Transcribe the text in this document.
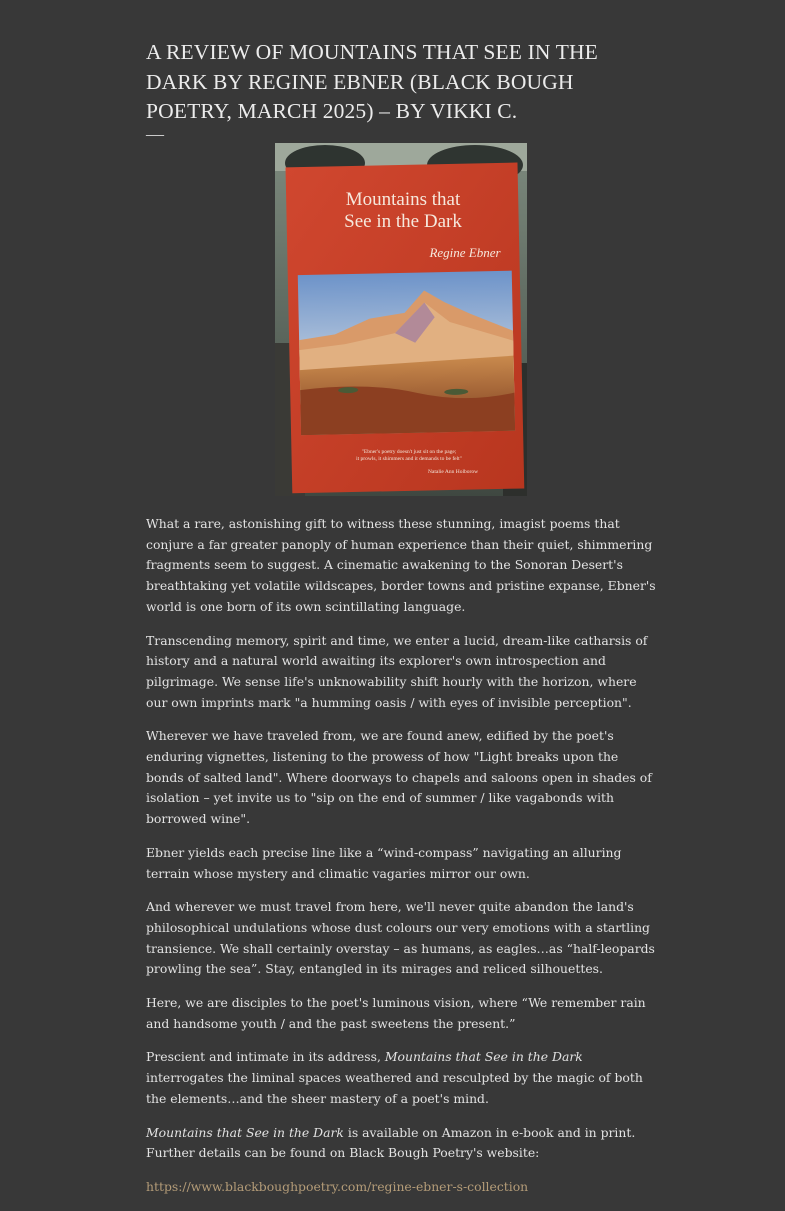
A REVIEW OF MOUNTAINS THAT SEE IN THE DARK BY REGINE EBNER (BLACK BOUGH POETRY, MARCH 2025) – BY VIKKI C.
—
Mountains that
See in the Dark
Regine Ebner
"Ebner's poetry doesn't just sit on the page;
it prowls, it shimmers and it demands to be felt"
Natalie Ann Holborow

What a rare, astonishing gift to witness these stunning, imagist poems that conjure a far greater panoply of human experience than their quiet, shimmering fragments seem to suggest. A cinematic awakening to the Sonoran Desert's breathtaking yet volatile wildscapes, border towns and pristine expanse, Ebner's world is one born of its own scintillating language.

Transcending memory, spirit and time, we enter a lucid, dream-like catharsis of history and a natural world awaiting its explorer's own introspection and pilgrimage. We sense life's unknowability shift hourly with the horizon, where our own imprints mark "a humming oasis / with eyes of invisible perception".

Wherever we have traveled from, we are found anew, edified by the poet's enduring vignettes, listening to the prowess of how "Light breaks upon the bonds of salted land". Where doorways to chapels and saloons open in shades of isolation – yet invite us to "sip on the end of summer / like vagabonds with borrowed wine".

Ebner yields each precise line like a “wind-compass” navigating an alluring terrain whose mystery and climatic vagaries mirror our own.

And wherever we must travel from here, we'll never quite abandon the land's philosophical undulations whose dust colours our very emotions with a startling transience. We shall certainly overstay – as humans, as eagles…as “half-leopards prowling the sea”. Stay, entangled in its mirages and reliced silhouettes.

Here, we are disciples to the poet's luminous vision, where “We remember rain and handsome youth / and the past sweetens the present.”

Prescient and intimate in its address, Mountains that See in the Dark interrogates the liminal spaces weathered and resculpted by the magic of both the elements…and the sheer mastery of a poet's mind.

Mountains that See in the Dark is available on Amazon in e-book and in print. Further details can be found on Black Bough Poetry's website:

https://www.blackboughpoetry.com/regine-ebner-s-collection
